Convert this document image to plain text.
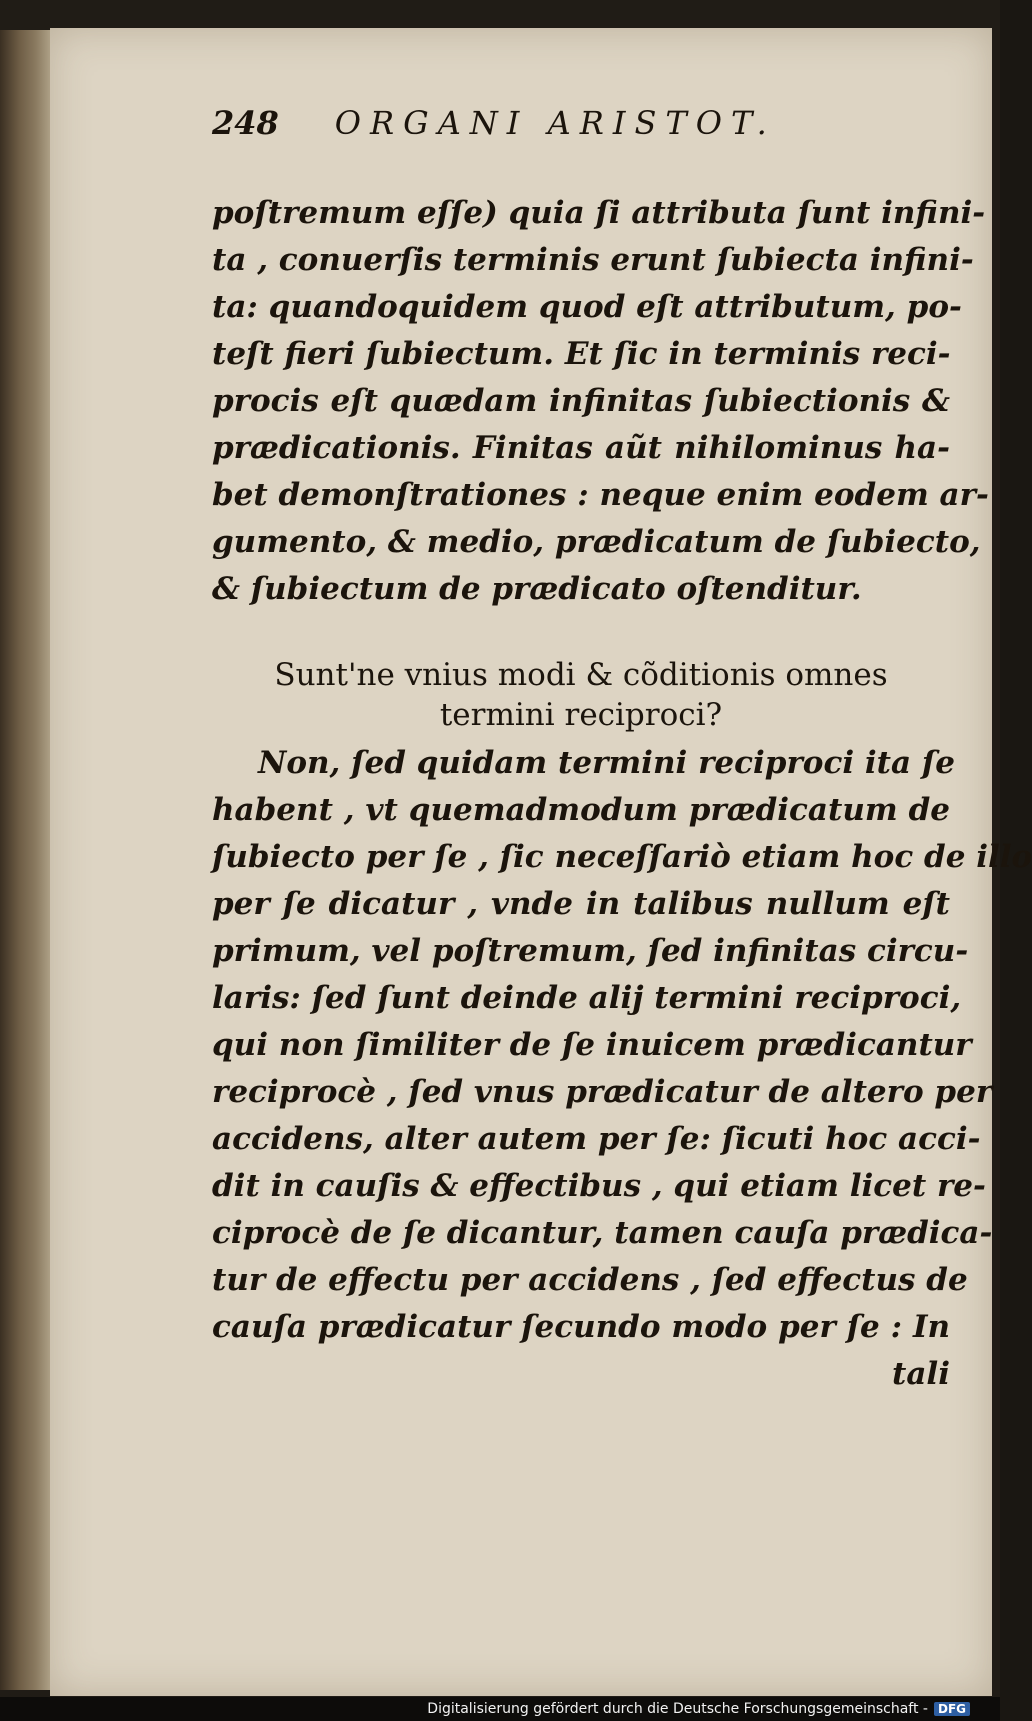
248 ORGANI ARISTOT.
poſtremum eſſe) quia ſi attributa ſunt infini-
ta , conuerſis terminis erunt ſubiecta infini-
ta: quandoquidem quod eſt attributum, po-
teſt fieri ſubiectum. Et ſic in terminis reci-
procis eſt quædam infinitas ſubiectionis &
prædicationis. Finitas aũt nihilominus ha-
bet demonſtrationes : neque enim eodem ar-
gumento, & medio, prædicatum de ſubiecto,
& ſubiectum de prædicato oſtenditur.
Sunt'ne vnius modi & cõditionis omnes
termini reciproci?
Non, ſed quidam termini reciproci ita ſe
habent , vt quemadmodum prædicatum de
ſubiecto per ſe , ſic neceſſariò etiam hoc de illo
per ſe dicatur , vnde in talibus nullum eſt
primum, vel poſtremum, ſed infinitas circu-
laris: ſed ſunt deinde alij termini reciproci,
qui non ſimiliter de ſe inuicem prædicantur
reciprocè , ſed vnus prædicatur de altero per
accidens, alter autem per ſe: ſicuti hoc acci-
dit in cauſis & effectibus , qui etiam licet re-
ciprocè de ſe dicantur, tamen cauſa prædica-
tur de effectu per accidens , ſed effectus de
cauſa prædicatur ſecundo modo per ſe : In
tali
Digitalisierung gefördert durch die Deutsche Forschungsgemeinschaft - DFG
